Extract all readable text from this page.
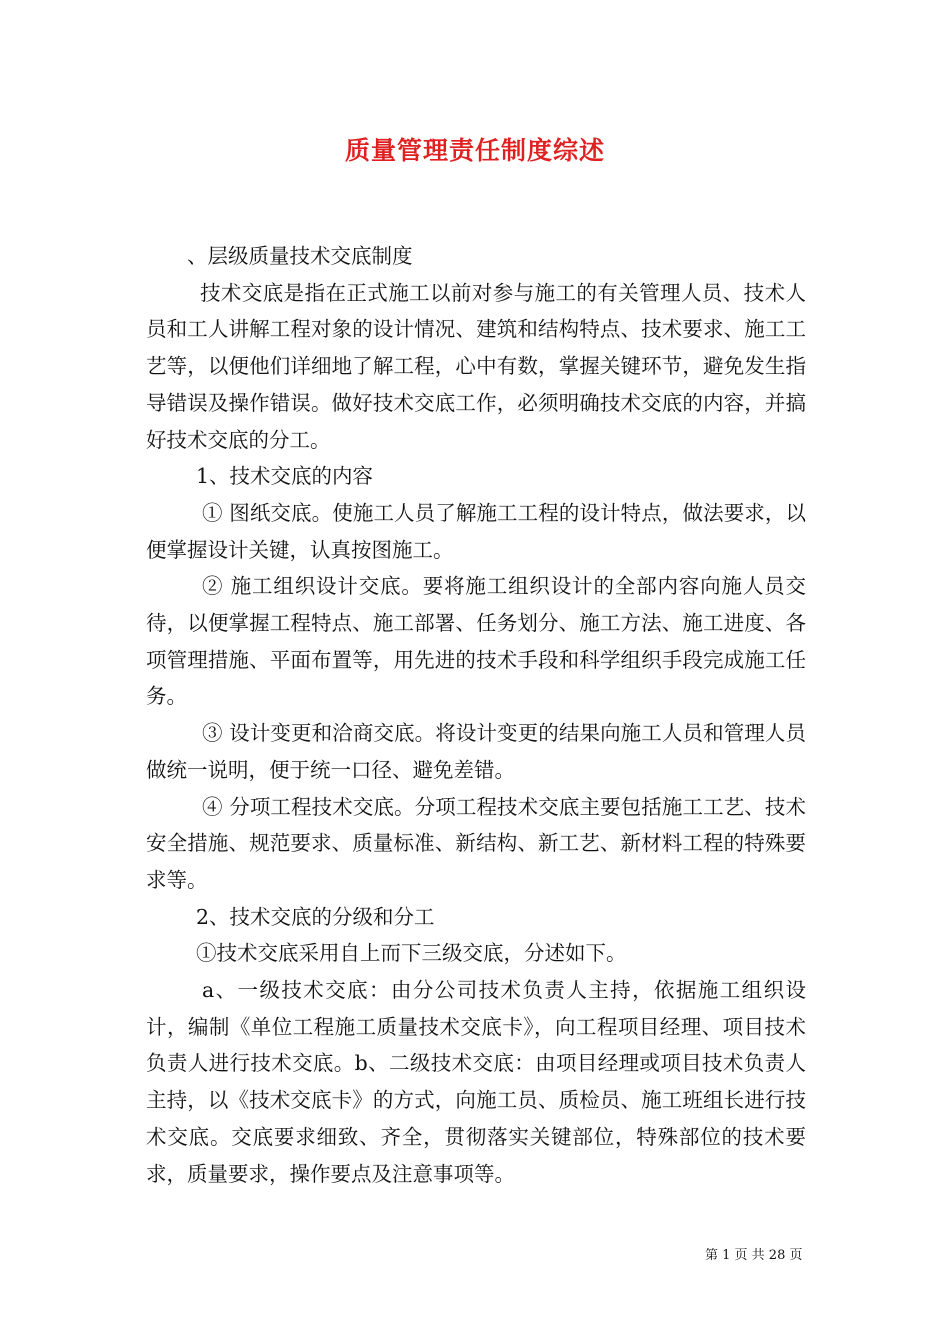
质量管理责任制度综述

、层级质量技术交底制度

技术交底是指在正式施工以前对参与施工的有关管理人员、技术人员和工人讲解工程对象的设计情况、建筑和结构特点、技术要求、施工工艺等，以便他们详细地了解工程，心中有数，掌握关键环节，避免发生指导错误及操作错误。做好技术交底工作，必须明确技术交底的内容，并搞好技术交底的分工。

1、技术交底的内容

① 图纸交底。使施工人员了解施工工程的设计特点，做法要求，以便掌握设计关键，认真按图施工。

② 施工组织设计交底。要将施工组织设计的全部内容向施人员交待，以便掌握工程特点、施工部署、任务划分、施工方法、施工进度、各项管理措施、平面布置等，用先进的技术手段和科学组织手段完成施工任务。

③ 设计变更和洽商交底。将设计变更的结果向施工人员和管理人员做统一说明，便于统一口径、避免差错。

④ 分项工程技术交底。分项工程技术交底主要包括施工工艺、技术安全措施、规范要求、质量标准、新结构、新工艺、新材料工程的特殊要求等。

2、技术交底的分级和分工

①技术交底采用自上而下三级交底，分述如下。

a、一级技术交底：由分公司技术负责人主持，依据施工组织设计，编制《单位工程施工质量技术交底卡》，向工程项目经理、项目技术负责人进行技术交底。b、二级技术交底：由项目经理或项目技术负责人主持，以《技术交底卡》的方式，向施工员、质检员、施工班组长进行技术交底。交底要求细致、齐全，贯彻落实关键部位，特殊部位的技术要求，质量要求，操作要点及注意事项等。

第 1 页 共 28 页
